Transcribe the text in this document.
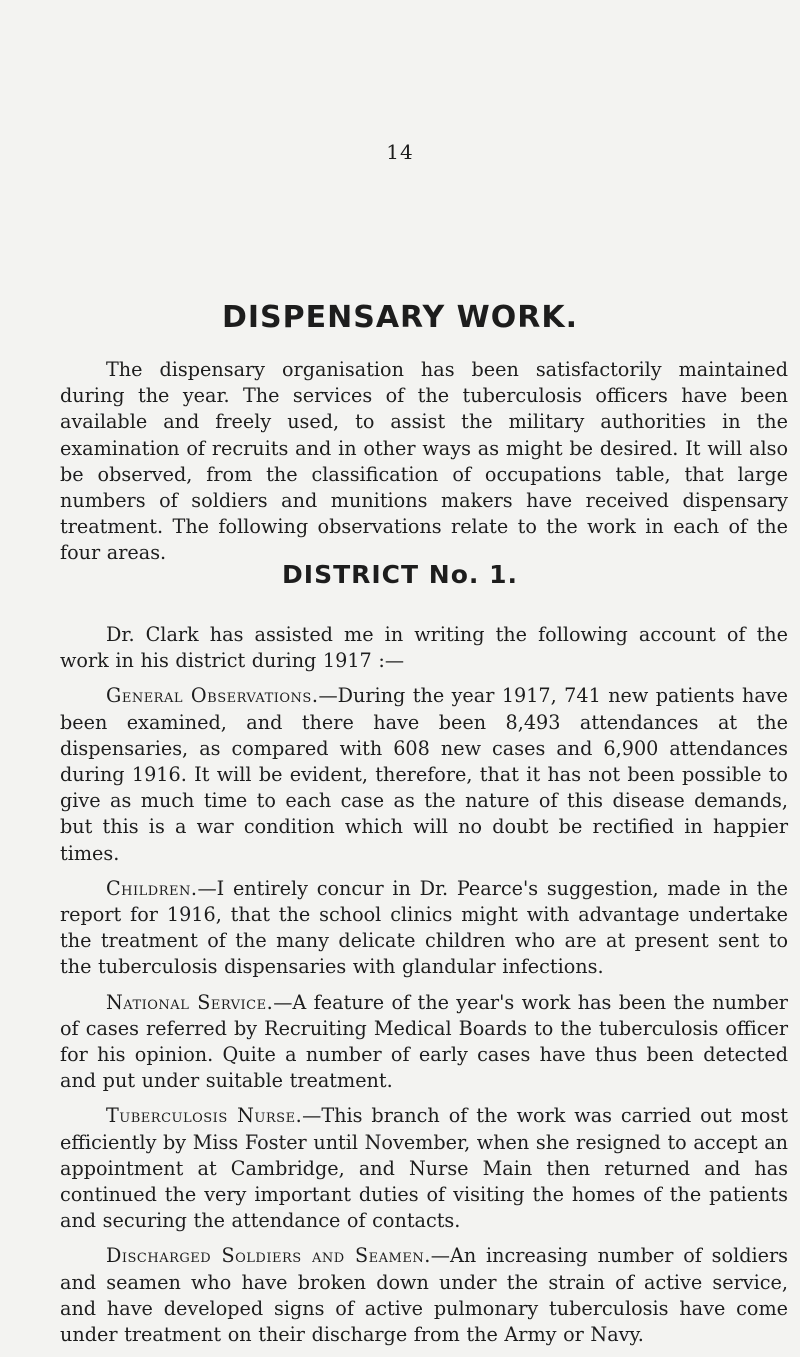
14
DISPENSARY WORK.
The dispensary organisation has been satisfactorily maintained during the year. The services of the tuberculosis officers have been available and freely used, to assist the military authorities in the examination of recruits and in other ways as might be desired. It will also be observed, from the classification of occupations table, that large numbers of soldiers and munitions makers have received dispensary treatment. The following observations relate to the work in each of the four areas.
DISTRICT No. 1.

Dr. Clark has assisted me in writing the following account of the work in his district during 1917 :—

General Observations.—During the year 1917, 741 new patients have been examined, and there have been 8,493 attendances at the dispensaries, as compared with 608 new cases and 6,900 attendances during 1916. It will be evident, therefore, that it has not been possible to give as much time to each case as the nature of this disease demands, but this is a war condition which will no doubt be rectified in happier times.

Children.—I entirely concur in Dr. Pearce's suggestion, made in the report for 1916, that the school clinics might with advantage undertake the treatment of the many delicate children who are at present sent to the tuberculosis dispensaries with glandular infections.

National Service.—A feature of the year's work has been the number of cases referred by Recruiting Medical Boards to the tuberculosis officer for his opinion. Quite a number of early cases have thus been detected and put under suitable treatment.

Tuberculosis Nurse.—This branch of the work was carried out most efficiently by Miss Foster until November, when she resigned to accept an appointment at Cambridge, and Nurse Main then returned and has continued the very important duties of visiting the homes of the patients and securing the attendance of contacts.

Discharged Soldiers and Seamen.—An increasing number of soldiers and seamen who have broken down under the strain of active service, and have developed signs of active pulmonary tuberculosis have come under treatment on their discharge from the Army or Navy.
